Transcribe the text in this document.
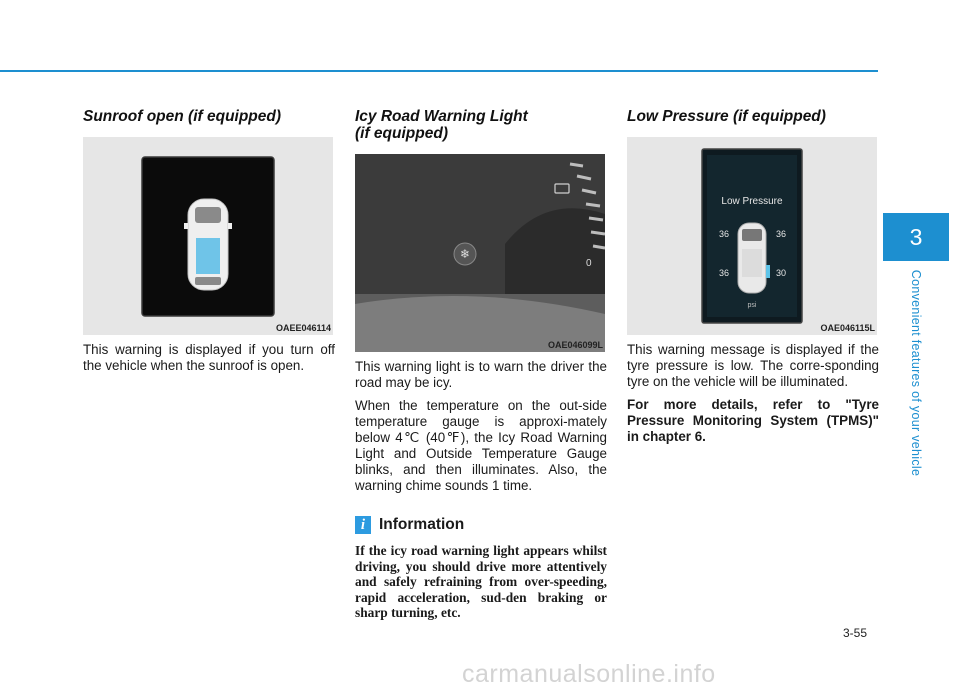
Sunroof open (if equipped)
OAEE046114

This warning is displayed if you turn off the vehicle when the sunroof is open.

Icy Road Warning Light
(if equipped)
0
❄
OAE046099L

This warning light is to warn the driver the road may be icy.

When the temperature on the out-side temperature gauge is approxi-mately below 4℃ (40℉), the Icy Road Warning Light and Outside Temperature Gauge blinks, and then illuminates. Also, the warning chime sounds 1 time.

i Information

If the icy road warning light appears whilst driving, you should drive more attentively and safely refraining from over-speeding, rapid acceleration, sud-den braking or sharp turning, etc.

Low Pressure (if equipped)
Low Pressure
36	36
36	30
psi
OAE046115L

This warning message is displayed if the tyre pressure is low. The corre-sponding tyre on the vehicle will be illuminated.

For more details, refer to "Tyre Pressure Monitoring System (TPMS)" in chapter 6.

3
Convenient features of your vehicle
3-55
carmanualsonline.info
